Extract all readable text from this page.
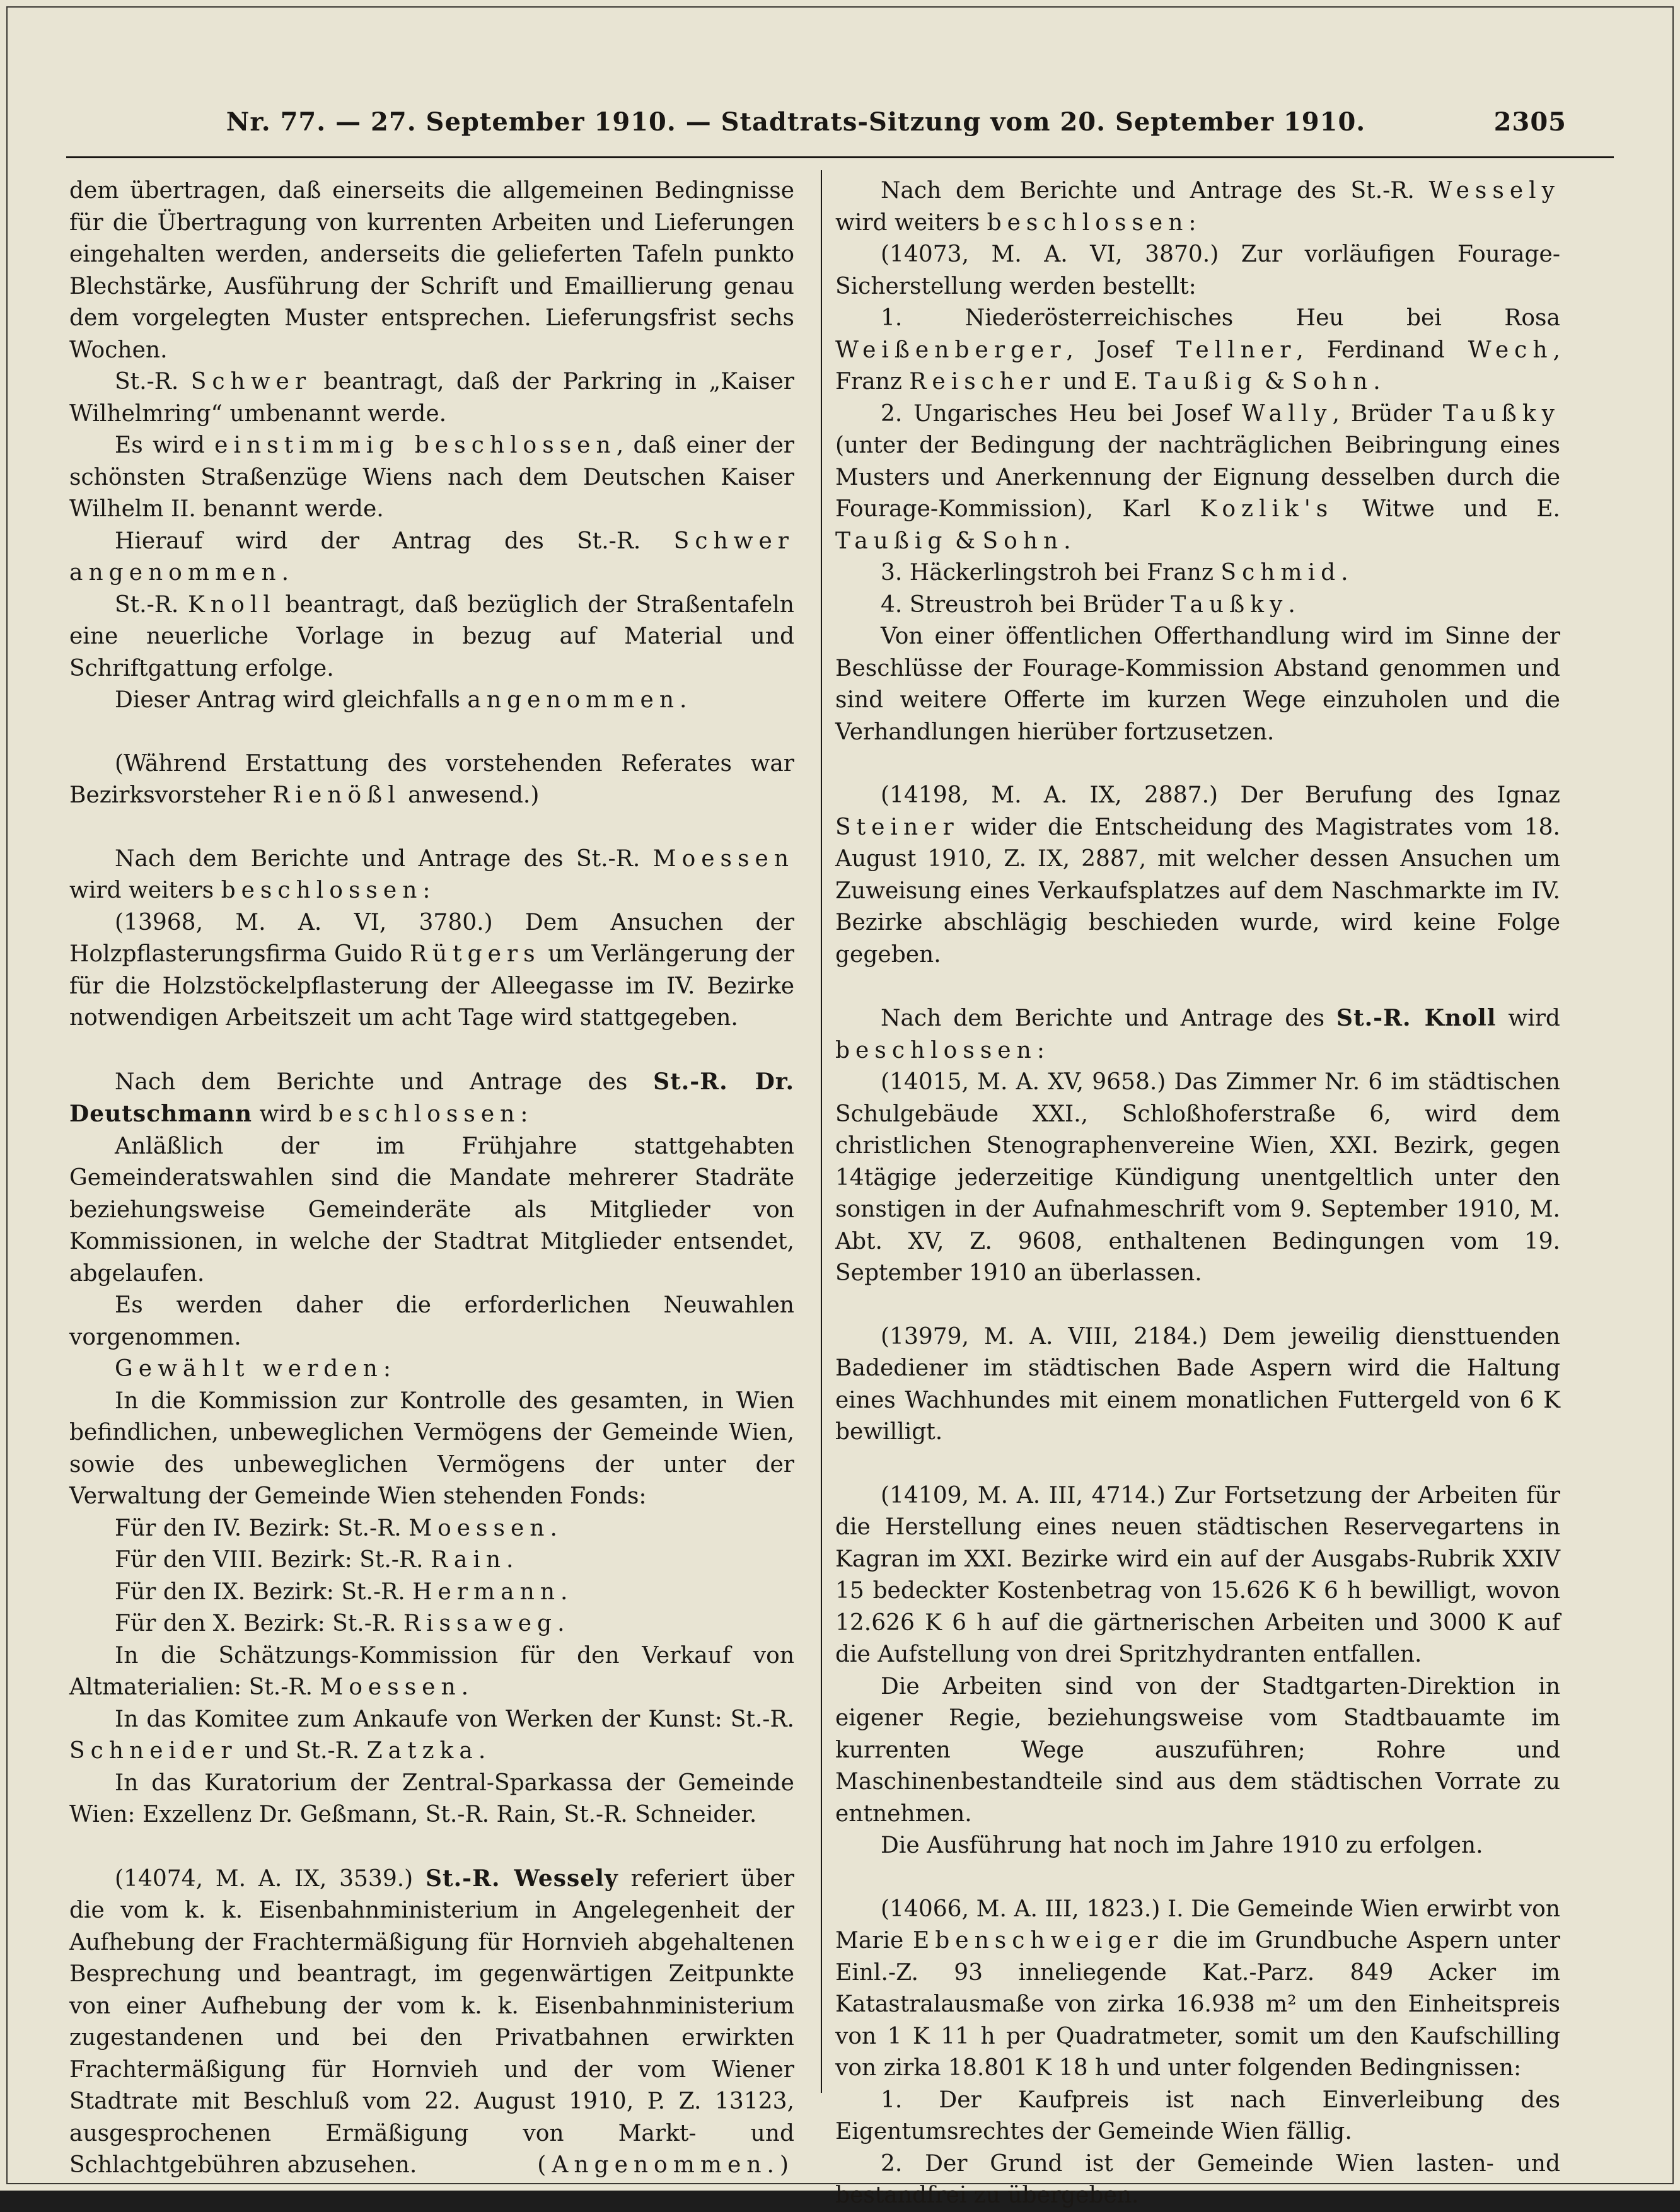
Nr. 77. — 27. September 1910. — Stadtrats-Sitzung vom 20. September 1910.	2305

dem übertragen, daß einerseits die allgemeinen Bedingnisse für die Übertragung von kurrenten Arbeiten und Lieferungen eingehalten werden, anderseits die gelieferten Tafeln punkto Blechstärke, Ausführung der Schrift und Emaillierung genau dem vorgelegten Muster entsprechen. Lieferungsfrist sechs Wochen.

St.-R. Schwer beantragt, daß der Parkring in „Kaiser Wilhelmring“ umbenannt werde.

Es wird einstimmig beschlossen, daß einer der schönsten Straßenzüge Wiens nach dem Deutschen Kaiser Wilhelm II. benannt werde.

Hierauf wird der Antrag des St.-R. Schwer angenommen.

St.-R. Knoll beantragt, daß bezüglich der Straßentafeln eine neuerliche Vorlage in bezug auf Material und Schriftgattung erfolge.

Dieser Antrag wird gleichfalls angenommen.

(Während Erstattung des vorstehenden Referates war Bezirksvorsteher Rienößl anwesend.)

Nach dem Berichte und Antrage des St.-R. Moessen wird weiters beschlossen:

(13968, M. A. VI, 3780.) Dem Ansuchen der Holzpflasterungsfirma Guido Rütgers um Verlängerung der für die Holzstöckelpflasterung der Alleegasse im IV. Bezirke notwendigen Arbeitszeit um acht Tage wird stattgegeben.

Nach dem Berichte und Antrage des St.-R. Dr. Deutschmann wird beschlossen:

Anläßlich der im Frühjahre stattgehabten Gemeinderatswahlen sind die Mandate mehrerer Stadräte beziehungsweise Gemeinderäte als Mitglieder von Kommissionen, in welche der Stadtrat Mitglieder entsendet, abgelaufen.

Es werden daher die erforderlichen Neuwahlen vorgenommen.

Gewählt werden:

In die Kommission zur Kontrolle des gesamten, in Wien befindlichen, unbeweglichen Vermögens der Gemeinde Wien, sowie des unbeweglichen Vermögens der unter der Verwaltung der Gemeinde Wien stehenden Fonds:

Für den IV. Bezirk: St.-R. Moessen.

Für den VIII. Bezirk: St.-R. Rain.

Für den IX. Bezirk: St.-R. Hermann.

Für den X. Bezirk: St.-R. Rissaweg.

In die Schätzungs-Kommission für den Verkauf von Altmaterialien: St.-R. Moessen.

In das Komitee zum Ankaufe von Werken der Kunst: St.-R. Schneider und St.-R. Zatzka.

In das Kuratorium der Zentral-Sparkassa der Gemeinde Wien: Exzellenz Dr. Geßmann, St.-R. Rain, St.-R. Schneider.

(14074, M. A. IX, 3539.) St.-R. Wessely referiert über die vom k. k. Eisenbahnministerium in Angelegenheit der Aufhebung der Frachtermäßigung für Hornvieh abgehaltenen Besprechung und beantragt, im gegenwärtigen Zeitpunkte von einer Aufhebung der vom k. k. Eisenbahnministerium zugestandenen und bei den Privatbahnen erwirkten Frachtermäßigung für Hornvieh und der vom Wiener Stadtrate mit Beschluß vom 22. August 1910, P. Z. 13123, ausgesprochenen Ermäßigung von Markt- und Schlachtgebühren abzusehen.	(Angenommen.)

Nach dem Berichte und Antrage des St.-R. Wessely wird weiters beschlossen:

(14073, M. A. VI, 3870.) Zur vorläufigen Fourage-Sicherstellung werden bestellt:

1. Niederösterreichisches Heu bei Rosa Weißenberger, Josef Tellner, Ferdinand Wech, Franz Reischer und E. Taußig & Sohn.

2. Ungarisches Heu bei Josef Wally, Brüder Taußky (unter der Bedingung der nachträglichen Beibringung eines Musters und Anerkennung der Eignung desselben durch die Fourage-Kommission), Karl Kozlik's Witwe und E. Taußig & Sohn.

3. Häckerlingstroh bei Franz Schmid.

4. Streustroh bei Brüder Taußky.

Von einer öffentlichen Offerthandlung wird im Sinne der Beschlüsse der Fourage-Kommission Abstand genommen und sind weitere Offerte im kurzen Wege einzuholen und die Verhandlungen hierüber fortzusetzen.

(14198, M. A. IX, 2887.) Der Berufung des Ignaz Steiner wider die Entscheidung des Magistrates vom 18. August 1910, Z. IX, 2887, mit welcher dessen Ansuchen um Zuweisung eines Verkaufsplatzes auf dem Naschmarkte im IV. Bezirke abschlägig beschieden wurde, wird keine Folge gegeben.

Nach dem Berichte und Antrage des St.-R. Knoll wird beschlossen:

(14015, M. A. XV, 9658.) Das Zimmer Nr. 6 im städtischen Schulgebäude XXI., Schloßhoferstraße 6, wird dem christlichen Stenographenvereine Wien, XXI. Bezirk, gegen 14tägige jederzeitige Kündigung unentgeltlich unter den sonstigen in der Aufnahmeschrift vom 9. September 1910, M. Abt. XV, Z. 9608, enthaltenen Bedingungen vom 19. September 1910 an überlassen.

(13979, M. A. VIII, 2184.) Dem jeweilig diensttuenden Badediener im städtischen Bade Aspern wird die Haltung eines Wachhundes mit einem monatlichen Futtergeld von 6 K bewilligt.

(14109, M. A. III, 4714.) Zur Fortsetzung der Arbeiten für die Herstellung eines neuen städtischen Reservegartens in Kagran im XXI. Bezirke wird ein auf der Ausgabs-Rubrik XXIV 15 bedeckter Kostenbetrag von 15.626 K 6 h bewilligt, wovon 12.626 K 6 h auf die gärtnerischen Arbeiten und 3000 K auf die Aufstellung von drei Spritzhydranten entfallen.

Die Arbeiten sind von der Stadtgarten-Direktion in eigener Regie, beziehungsweise vom Stadtbauamte im kurrenten Wege auszuführen; Rohre und Maschinenbestandteile sind aus dem städtischen Vorrate zu entnehmen.

Die Ausführung hat noch im Jahre 1910 zu erfolgen.

(14066, M. A. III, 1823.) I. Die Gemeinde Wien erwirbt von Marie Ebenschweiger die im Grundbuche Aspern unter Einl.-Z. 93 inneliegende Kat.-Parz. 849 Acker im Katastralausmaße von zirka 16.938 m² um den Einheitspreis von 1 K 11 h per Quadratmeter, somit um den Kaufschilling von zirka 18.801 K 18 h und unter folgenden Bedingnissen:

1. Der Kaufpreis ist nach Einverleibung des Eigentumsrechtes der Gemeinde Wien fällig.

2. Der Grund ist der Gemeinde Wien lasten- und bestandfrei zu übergeben.
